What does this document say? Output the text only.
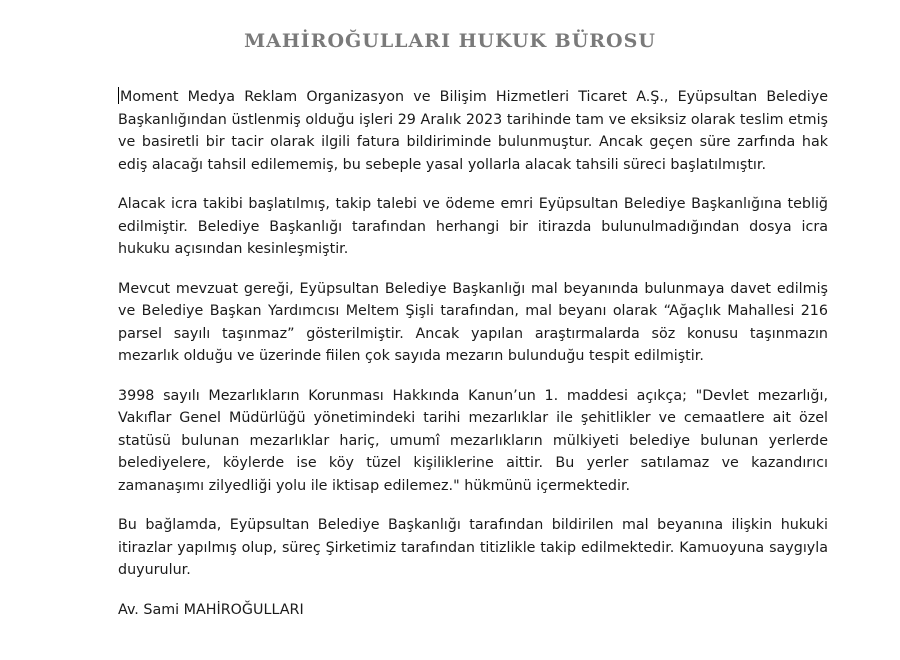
MAHİROĞULLARI HUKUK BÜROSU

Moment Medya Reklam Organizasyon ve Bilişim Hizmetleri Ticaret A.Ş., Eyüpsultan Belediye Başkanlığından üstlenmiş olduğu işleri 29 Aralık 2023 tarihinde tam ve eksiksiz olarak teslim etmiş ve basiretli bir tacir olarak ilgili fatura bildiriminde bulunmuştur. Ancak geçen süre zarfında hak ediş alacağı tahsil edilememiş, bu sebeple yasal yollarla alacak tahsili süreci başlatılmıştır.

Alacak icra takibi başlatılmış, takip talebi ve ödeme emri Eyüpsultan Belediye Başkanlığına tebliğ edilmiştir. Belediye Başkanlığı tarafından herhangi bir itirazda bulunulmadığından dosya icra hukuku açısından kesinleşmiştir.

Mevcut mevzuat gereği, Eyüpsultan Belediye Başkanlığı mal beyanında bulunmaya davet edilmiş ve Belediye Başkan Yardımcısı Meltem Şişli tarafından, mal beyanı olarak “Ağaçlık Mahallesi 216 parsel sayılı taşınmaz” gösterilmiştir. Ancak yapılan araştırmalarda söz konusu taşınmazın mezarlık olduğu ve üzerinde fiilen çok sayıda mezarın bulunduğu tespit edilmiştir.

3998 sayılı Mezarlıkların Korunması Hakkında Kanun’un 1. maddesi açıkça; "Devlet mezarlığı, Vakıflar Genel Müdürlüğü yönetimindeki tarihi mezarlıklar ile şehitlikler ve cemaatlere ait özel statüsü bulunan mezarlıklar hariç, umumî mezarlıkların mülkiyeti belediye bulunan yerlerde belediyelere, köylerde ise köy tüzel kişiliklerine aittir. Bu yerler satılamaz ve kazandırıcı zamanaşımı zilyedliği yolu ile iktisap edilemez." hükmünü içermektedir.

Bu bağlamda, Eyüpsultan Belediye Başkanlığı tarafından bildirilen mal beyanına ilişkin hukuki itirazlar yapılmış olup, süreç Şirketimiz tarafından titizlikle takip edilmektedir. Kamuoyuna saygıyla duyurulur.

Av. Sami MAHİROĞULLARI
